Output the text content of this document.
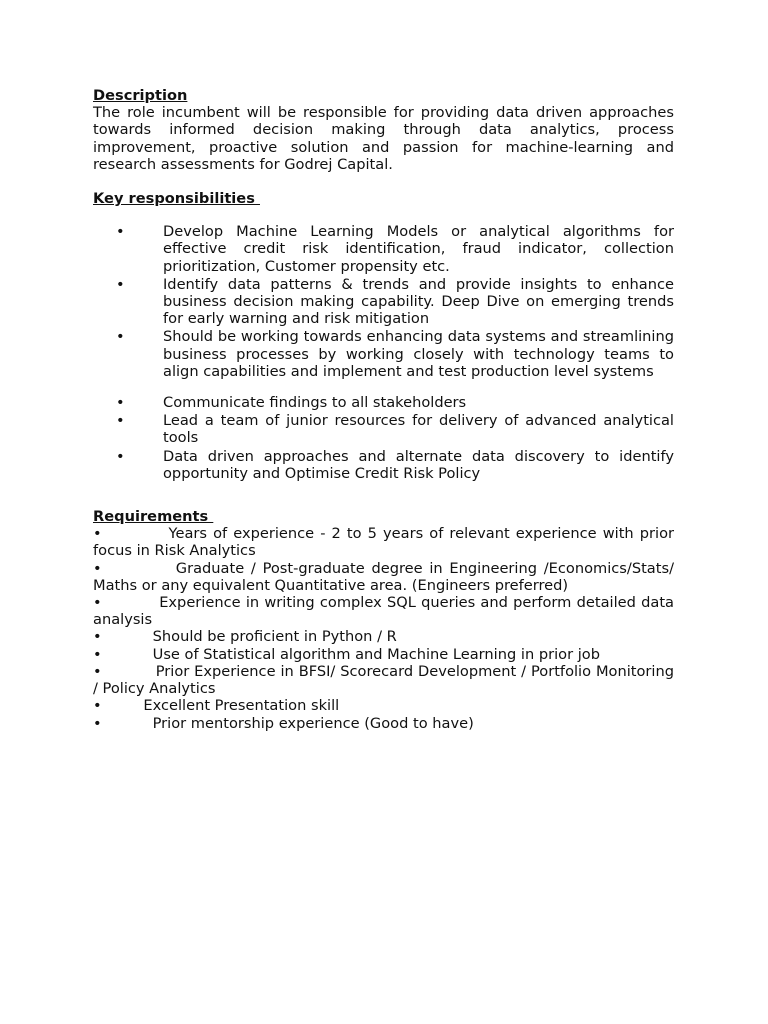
Description
The role incumbent will be responsible for providing data driven approaches towards informed decision making through data analytics, process improvement, proactive solution and passion for machine-learning and research assessments for Godrej Capital.
Key responsibilities
•	Develop Machine Learning Models or analytical algorithms for effective credit risk identification, fraud indicator, collection prioritization, Customer propensity etc.
•	Identify data patterns & trends and provide insights to enhance business decision making capability. Deep Dive on emerging trends for early warning and risk mitigation
•	Should be working towards enhancing data systems and streamlining business processes by working closely with technology teams to align capabilities and implement and test production level systems
•	Communicate findings to all stakeholders
•	Lead a team of junior resources for delivery of advanced analytical tools
•	Data driven approaches and alternate data discovery to identify opportunity and Optimise Credit Risk Policy
Requirements
•	Years of experience - 2 to 5 years of relevant experience with prior focus in Risk Analytics
•	Graduate / Post-graduate degree in Engineering /Economics/Stats/ Maths or any equivalent Quantitative area. (Engineers preferred)
•	Experience in writing complex SQL queries and perform detailed data analysis
•	Should be proficient in Python / R
•	Use of Statistical algorithm and Machine Learning in prior job
•	Prior Experience in BFSI/ Scorecard Development / Portfolio Monitoring / Policy Analytics
•	Excellent Presentation skill
•	Prior mentorship experience (Good to have)
